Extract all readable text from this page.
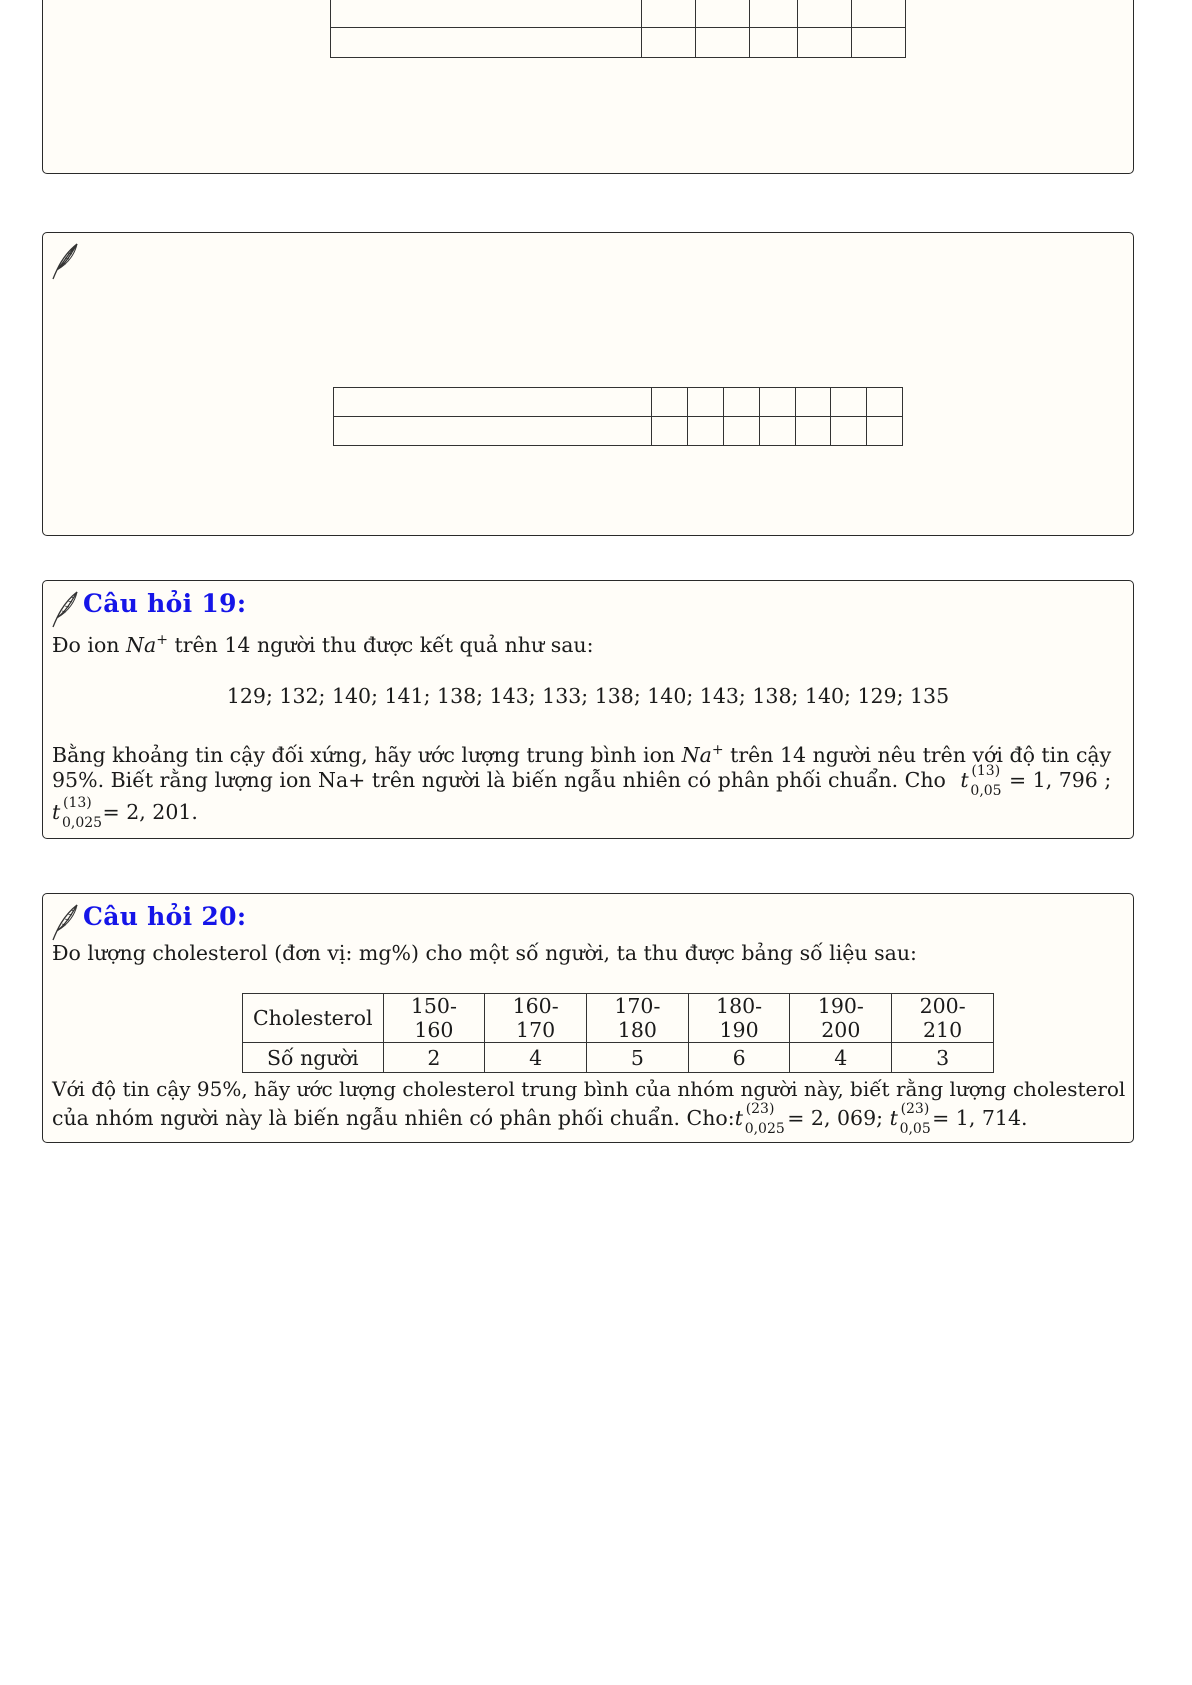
Câu hỏi 19:
Đo ion Na+ trên 14 người thu được kết quả như sau:
129; 132; 140; 141; 138; 143; 133; 138; 140; 143; 138; 140; 129; 135
Bằng khoảng tin cậy đối xứng, hãy ước lượng trung bình ion Na+ trên 14 người nêu trên với độ tin cậy
95%. Biết rằng lượng ion Na+ trên người là biến ngẫu nhiên có phân phối chuẩn. Cho t (13)
0,05 = 1, 796 ;
t (13)
0,025 = 2, 201.
Câu hỏi 20:
Đo lượng cholesterol (đơn vị: mg%) cho một số người, ta thu được bảng số liệu sau:
Cholesterol	150-160	160-170	170-180	180-190	190-200	200-210
Số người	2	4	5	6	4	3
Với độ tin cậy 95%, hãy ước lượng cholesterol trung bình của nhóm người này, biết rằng lượng cholesterol
của nhóm người này là biến ngẫu nhiên có phân phối chuẩn. Cho: t (23)
0,025 = 2, 069; t (23)
0,05 = 1, 714.
